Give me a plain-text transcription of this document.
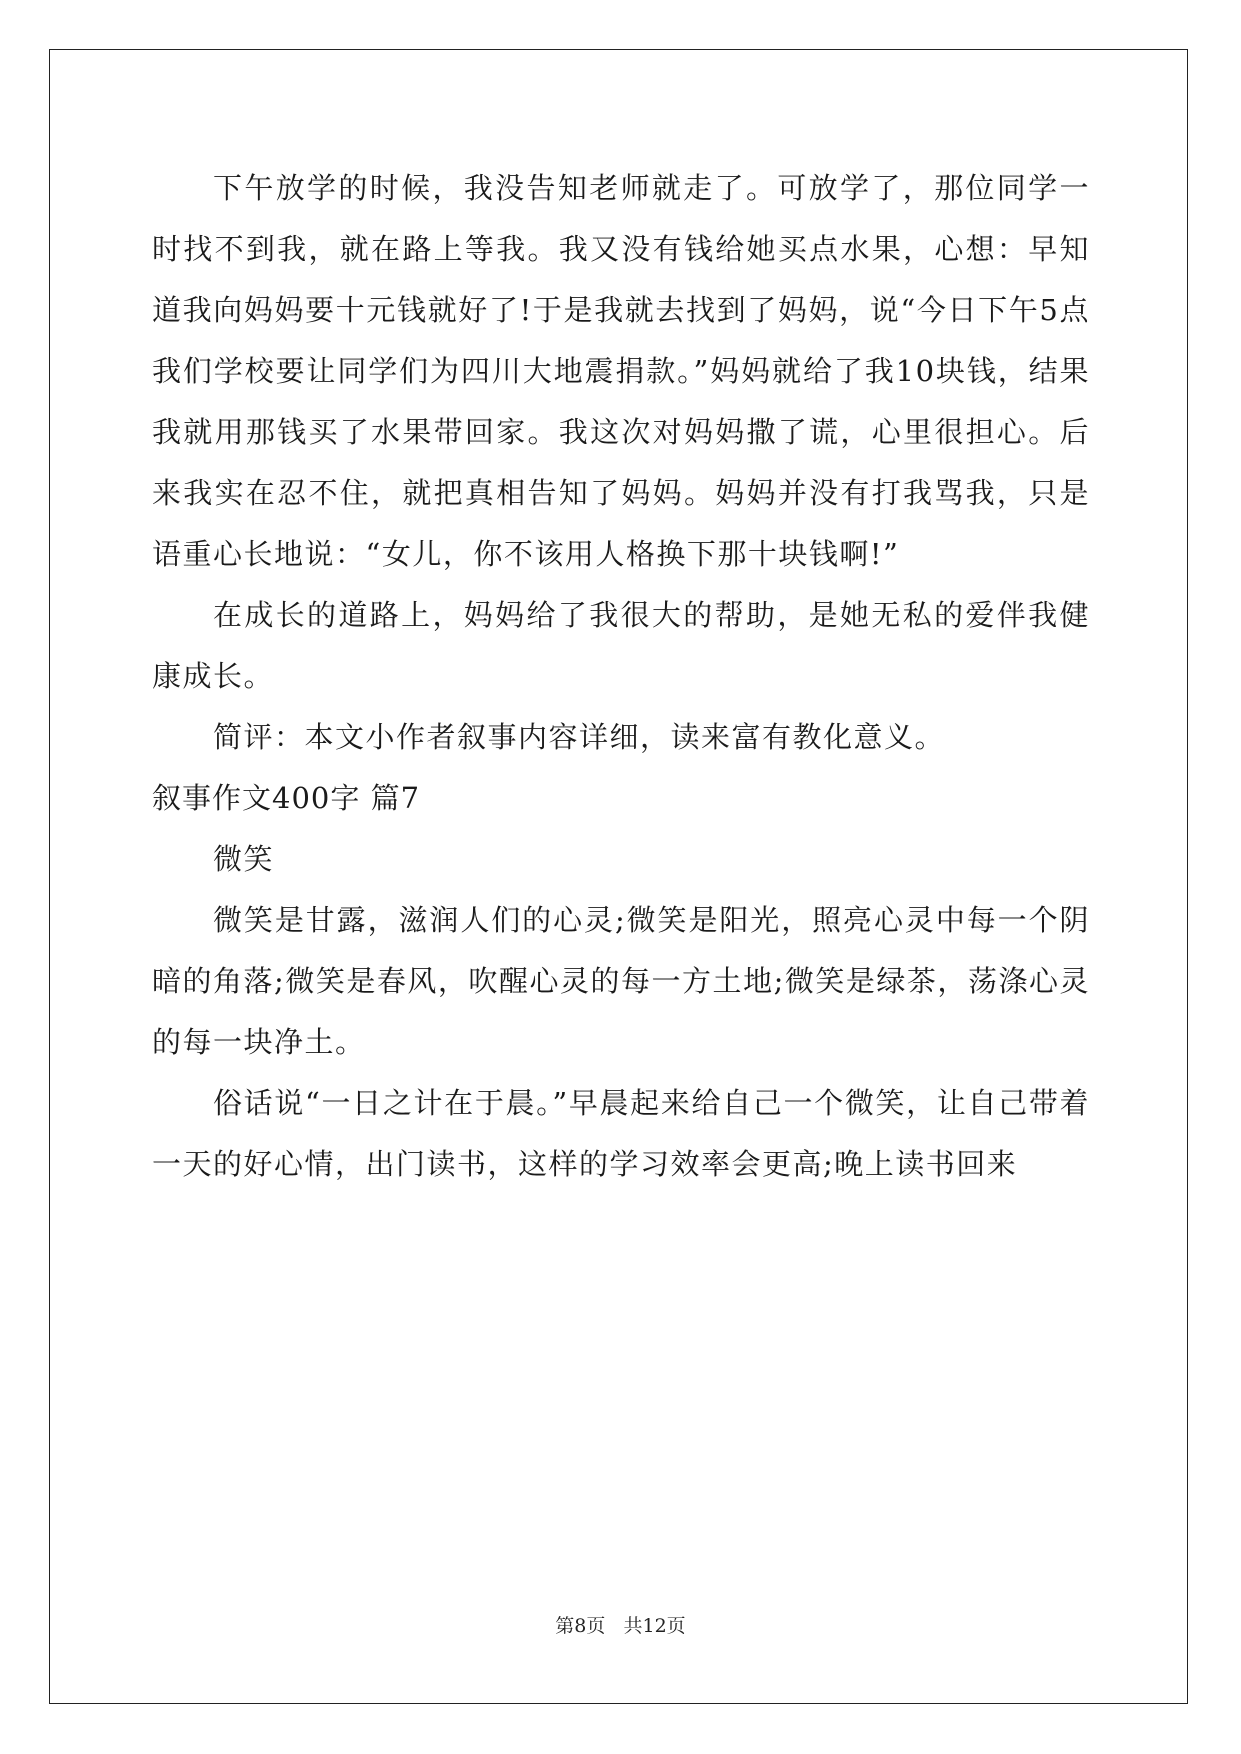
下午放学的时候，我没告知老师就走了。可放学了，那位同学一时找不到我，就在路上等我。我又没有钱给她买点水果，心想：早知道我向妈妈要十元钱就好了!于是我就去找到了妈妈，说“今日下午5点我们学校要让同学们为四川大地震捐款。”妈妈就给了我10块钱，结果我就用那钱买了水果带回家。我这次对妈妈撒了谎，心里很担心。后来我实在忍不住，就把真相告知了妈妈。妈妈并没有打我骂我，只是语重心长地说：“女儿，你不该用人格换下那十块钱啊!”

在成长的道路上，妈妈给了我很大的帮助，是她无私的爱伴我健康成长。

简评：本文小作者叙事内容详细，读来富有教化意义。

叙事作文400字 篇7

微笑

微笑是甘露，滋润人们的心灵;微笑是阳光，照亮心灵中每一个阴暗的角落;微笑是春风，吹醒心灵的每一方土地;微笑是绿茶，荡涤心灵的每一块净土。

俗话说“一日之计在于晨。”早晨起来给自己一个微笑，让自己带着一天的好心情，出门读书，这样的学习效率会更高;晚上读书回来

第8页   共12页
